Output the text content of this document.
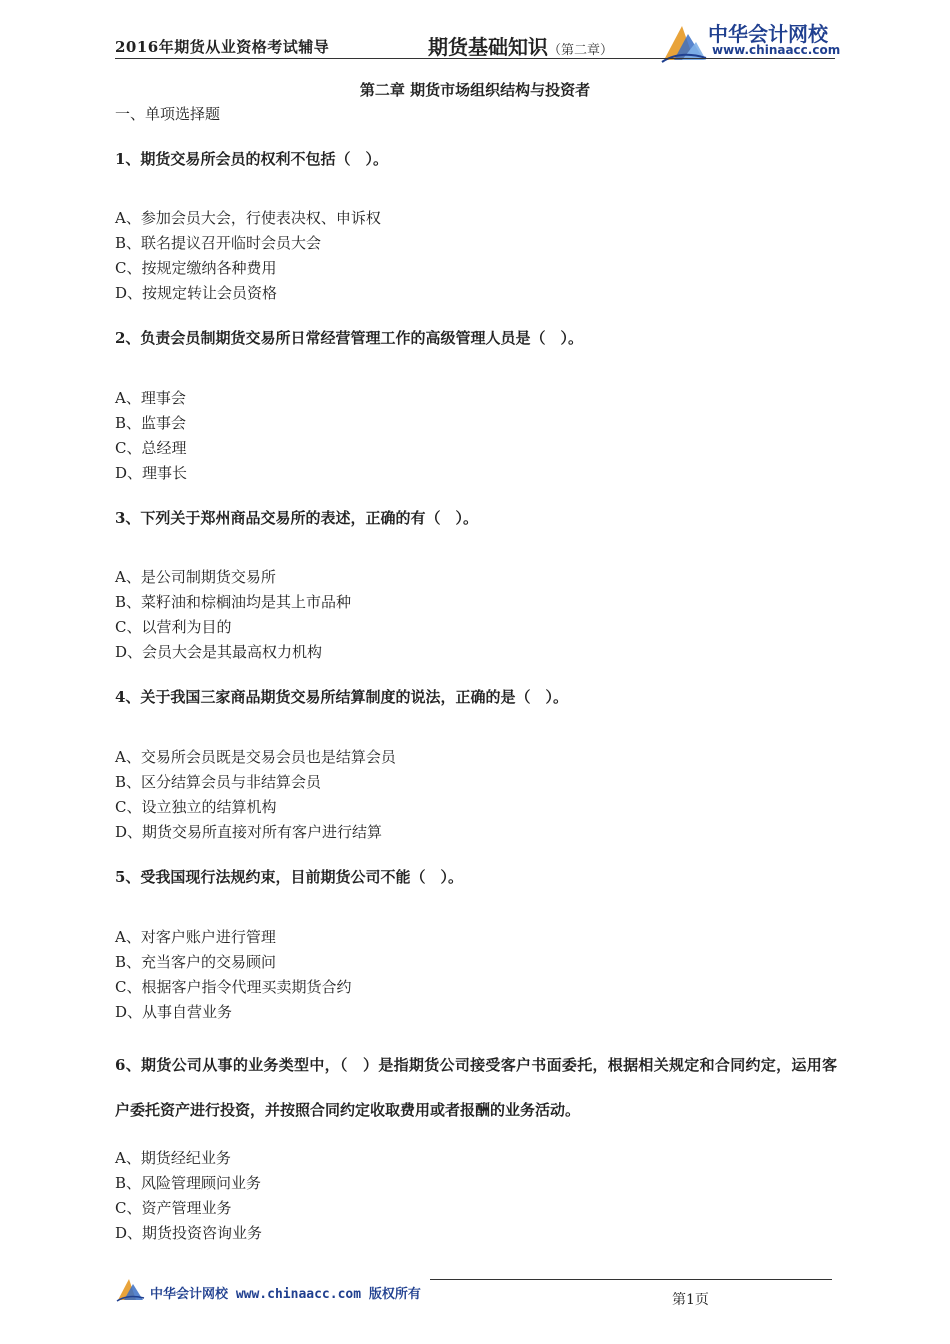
2016年期货从业资格考试辅导	期货基础知识（第二章）
中华会计网校
www.chinaacc.com
第二章 期货市场组织结构与投资者
一、单项选择题
1、期货交易所会员的权利不包括（　）。
A、参加会员大会，行使表决权、申诉权
B、联名提议召开临时会员大会
C、按规定缴纳各种费用
D、按规定转让会员资格
2、负责会员制期货交易所日常经营管理工作的高级管理人员是（　）。
A、理事会
B、监事会
C、总经理
D、理事长
3、下列关于郑州商品交易所的表述，正确的有（　）。
A、是公司制期货交易所
B、菜籽油和棕榈油均是其上市品种
C、以营利为目的
D、会员大会是其最高权力机构
4、关于我国三家商品期货交易所结算制度的说法，正确的是（　）。
A、交易所会员既是交易会员也是结算会员
B、区分结算会员与非结算会员
C、设立独立的结算机构
D、期货交易所直接对所有客户进行结算
5、受我国现行法规约束，目前期货公司不能（　）。
A、对客户账户进行管理
B、充当客户的交易顾问
C、根据客户指令代理买卖期货合约
D、从事自营业务
6、期货公司从事的业务类型中，（　）是指期货公司接受客户书面委托，根据相关规定和合同约定，运用客户委托资产进行投资，并按照合同约定收取费用或者报酬的业务活动。
A、期货经纪业务
B、风险管理顾问业务
C、资产管理业务
D、期货投资咨询业务
中华会计网校 www.chinaacc.com 版权所有	第1页
